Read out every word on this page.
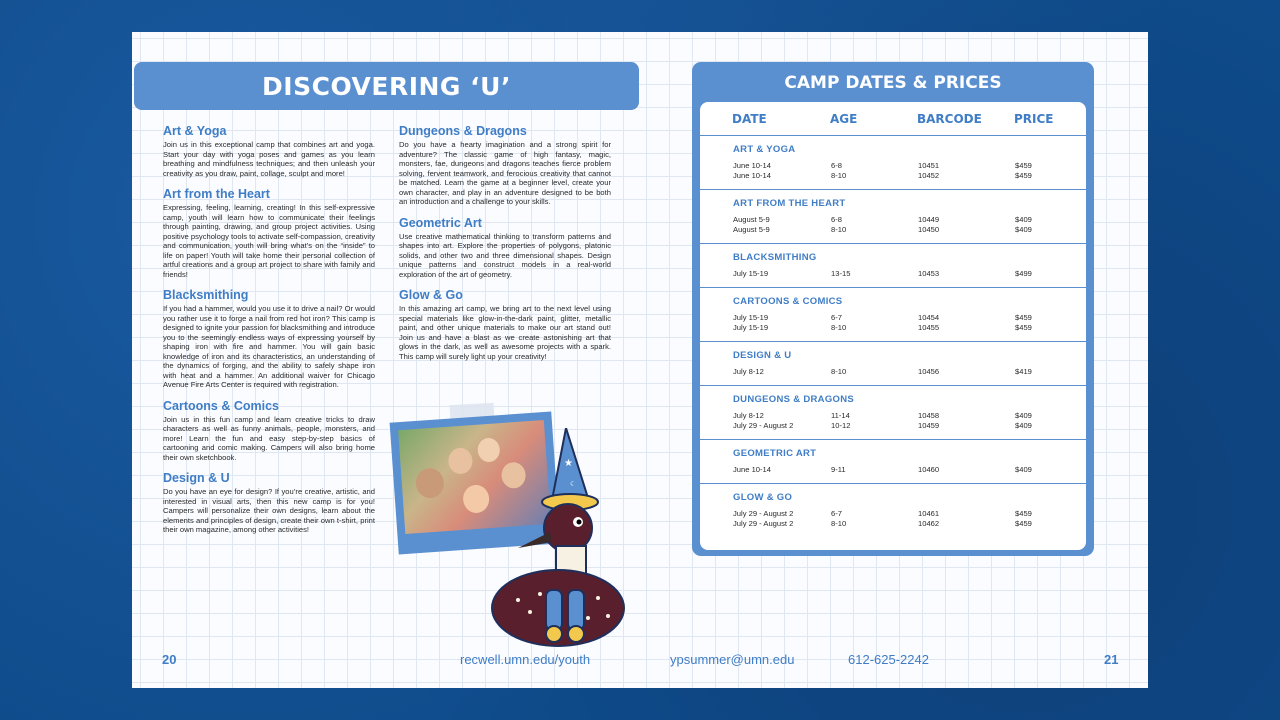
DISCOVERING ‘U’
Art & Yoga
Join us in this exceptional camp that combines art and yoga. Start your day with yoga poses and games as you learn breathing and mindfulness techniques; and then unleash your creativity as you draw, paint, collage, sculpt and more!
Art from the Heart
Expressing, feeling, learning, creating! In this self-expressive camp, youth will learn how to communicate their feelings through painting, drawing, and group project activities. Using positive psychology tools to activate self-compassion, creativity and communication, youth will bring what’s on the “inside” to life on paper! Youth will take home their personal collection of artful creations and a group art project to share with family and friends!
Blacksmithing
If you had a hammer, would you use it to drive a nail? Or would you rather use it to forge a nail from red hot iron? This camp is designed to ignite your passion for blacksmithing and introduce you to the seemingly endless ways of expressing yourself by shaping iron with fire and hammer. You will gain basic knowledge of iron and its characteristics, an understanding of the dynamics of forging, and the ability to safely shape iron with heat and a hammer. An additional waiver for Chicago Avenue Fire Arts Center is required with registration.
Cartoons & Comics
Join us in this fun camp and learn creative tricks to draw characters as well as funny animals, people, monsters, and more! Learn the fun and easy step-by-step basics of cartooning and comic making. Campers will also bring home their own sketchbook.
Design & U
Do you have an eye for design? If you’re creative, artistic, and interested in visual arts, then this new camp is for you! Campers will personalize their own designs, learn about the elements and principles of design, create their own t-shirt, print their own magazine, among other activities!
Dungeons & Dragons
Do you have a hearty imagination and a strong spirit for adventure? The classic game of high fantasy, magic, monsters, fae, dungeons and dragons teaches fierce problem solving, fervent teamwork, and ferocious creativity that cannot be matched. Learn the game at a beginner level, create your own character, and play in an adventure designed to be both an introduction and a challenge to your skills.
Geometric Art
Use creative mathematical thinking to transform patterns and shapes into art. Explore the properties of polygons, platonic solids, and other two and three dimensional shapes. Design unique patterns and construct models in a real-world exploration of the art of geometry.
Glow & Go
In this amazing art camp, we bring art to the next level using special materials like glow-in-the-dark paint, glitter, metallic paint, and other unique materials to make our art stand out! Join us and have a blast as we create astonishing art that glows in the dark, as well as awesome projects with a spark. This camp will surely light up your creativity!
★
☾
CAMP DATES & PRICES
DATE	AGE	BARCODE	PRICE
ART & YOGA
June 10-14	6-8	10451	$459
June 10-14	8-10	10452	$459
ART FROM THE HEART
August 5-9	6-8	10449	$409
August 5-9	8-10	10450	$409
BLACKSMITHING
July 15-19	13-15	10453	$499
CARTOONS & COMICS
July 15-19	6-7	10454	$459
July 15-19	8-10	10455	$459
DESIGN & U
July 8-12	8-10	10456	$419
DUNGEONS & DRAGONS
July 8-12	11-14	10458	$409
July 29 - August 2	10-12	10459	$409
GEOMETRIC ART
June 10-14	9-11	10460	$409
GLOW & GO
July 29 - August 2	6-7	10461	$459
July 29 - August 2	8-10	10462	$459
20	recwell.umn.edu/youth	ypsummer@umn.edu	612-625-2242	21
